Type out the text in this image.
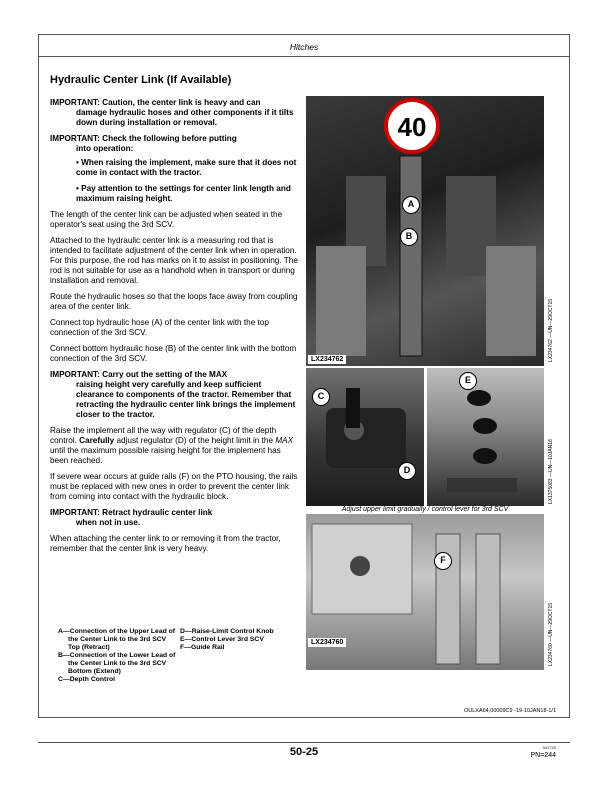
Hitches
Hydraulic Center Link (If Available)

IMPORTANT: Caution, the center link is heavy and can

damage hydraulic hoses and other components if it tilts down during installation or removal.

IMPORTANT: Check the following before putting

into operation:

• When raising the implement, make sure that it does not come in contact with the tractor.

• Pay attention to the settings for center link length and maximum raising height.

The length of the center link can be adjusted when seated in the operator's seat using the 3rd SCV.

Attached to the hydraulic center link is a measuring rod that is intended to facilitate adjustment of the center link when in operation. For this purpose, the rod has marks on it to assist in positioning. The rod is not suitable for use as a handhold when in transport or during installation and removal.

Route the hydraulic hoses so that the loops face away from coupling area of the center link.

Connect top hydraulic hose (A) of the center link with the top connection of the 3rd SCV.

Connect bottom hydraulic hose (B) of the center link with the bottom connection of the 3rd SCV.

IMPORTANT: Carry out the setting of the MAX

raising height very carefully and keep sufficient clearance to components of the tractor. Remember that retracting the hydraulic center link brings the implement closer to the tractor.

Raise the implement all the way with regulator (C) of the depth control. Carefully adjust regulator (D) of the height limit in the MAX until the maximum possible raising height for the implement has been reached.

If severe wear occurs at guide rails (F) on the PTO housing, the rails must be replaced with new ones in order to prevent the center link from coming into contact with the hydraulic block.

IMPORTANT: Retract hydraulic center link

when not in use.

When attaching the center link to or removing it from the tractor, remember that the center link is very heavy.

A—Connection of the Upper Lead of the Center Link to the 3rd SCV Top (Retract)
B—Connection of the Lower Lead of the Center Link to the 3rd SCV Bottom (Extend)
C—Depth Control
D—Raise-Limit Control Knob
E—Control Lever 3rd SCV
F—Guide Rail
40
A
B
LX234762	LX234762 —UN—29OCT15
C
D
E
LX1375083 —UN—10JAN18
Adjust upper limit gradually / control lever for 3rd SCV
F
LX234760	LX234760 —UN—29OCT15
OULXA64,00009C9 -19-10JAN18-1/1
50-25	041720
PN=244
